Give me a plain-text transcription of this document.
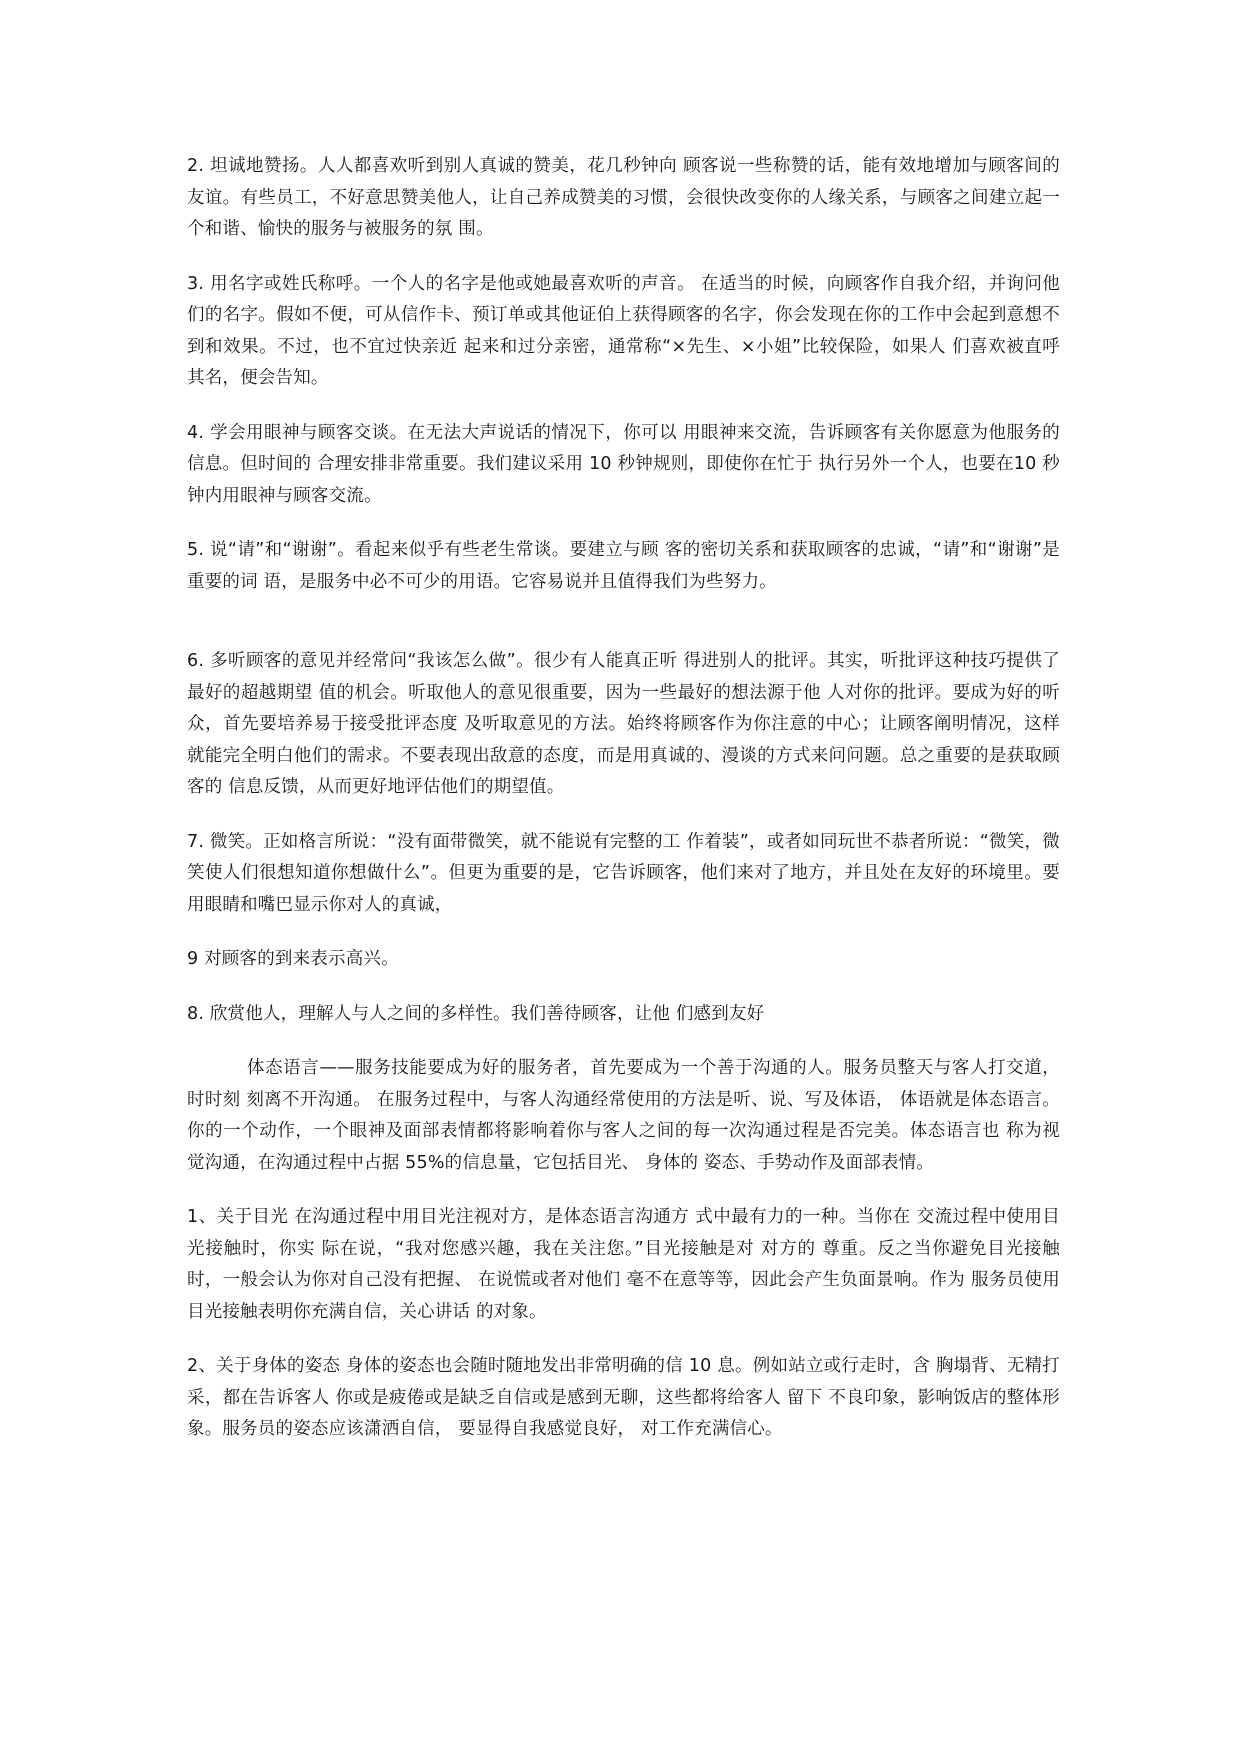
2. 坦诚地赞扬。人人都喜欢听到别人真诚的赞美，花几秒钟向 顾客说一些称赞的话，能有效地增加与顾客间的友谊。有些员工，不好意思赞美他人，让自己养成赞美的习惯，会很快改变你的人缘关系，与顾客之间建立起一个和谐、愉快的服务与被服务的氛 围。

3. 用名字或姓氏称呼。一个人的名字是他或她最喜欢听的声音。 在适当的时候，向顾客作自我介绍，并询问他们的名字。假如不便，可从信作卡、预订单或其他证伯上获得顾客的名字，你会发现在你的工作中会起到意想不到和效果。不过，也不宜过快亲近 起来和过分亲密，通常称“×先生、×小姐”比较保险，如果人 们喜欢被直呼其名，便会告知。

4. 学会用眼神与顾客交谈。在无法大声说话的情况下，你可以 用眼神来交流，告诉顾客有关你愿意为他服务的信息。但时间的 合理安排非常重要。我们建议采用 10 秒钟规则，即使你在忙于 执行另外一个人，也要在10 秒钟内用眼神与顾客交流。

5. 说“请”和“谢谢”。看起来似乎有些老生常谈。要建立与顾 客的密切关系和获取顾客的忠诚，“请”和“谢谢”是重要的词 语，是服务中必不可少的用语。它容易说并且值得我们为些努力。

6. 多听顾客的意见并经常问“我该怎么做”。很少有人能真正听 得进别人的批评。其实，听批评这种技巧提供了最好的超越期望 值的机会。听取他人的意见很重要，因为一些最好的想法源于他 人对你的批评。要成为好的听众，首先要培养易于接受批评态度 及听取意见的方法。始终将顾客作为你注意的中心；让顾客阐明情况，这样就能完全明白他们的需求。不要表现出敌意的态度，而是用真诚的、漫谈的方式来问问题。总之重要的是获取顾客的 信息反馈，从而更好地评估他们的期望值。

7. 微笑。正如格言所说：“没有面带微笑，就不能说有完整的工 作着装”，或者如同玩世不恭者所说：“微笑，微笑使人们很想知道你想做什么”。但更为重要的是，它告诉顾客，他们来对了地方，并且处在友好的环境里。要用眼睛和嘴巴显示你对人的真诚，

9 对顾客的到来表示高兴。

8. 欣赏他人，理解人与人之间的多样性。我们善待顾客，让他 们感到友好

体态语言——服务技能要成为好的服务者，首先要成为一个善于沟通的人。服务员整天与客人打交道，时时刻 刻离不开沟通。 在服务过程中，与客人沟通经常使用的方法是听、说、写及体语， 体语就是体态语言。你的一个动作，一个眼神及面部表情都将影响着你与客人之间的每一次沟通过程是否完美。体态语言也 称为视觉沟通，在沟通过程中占据 55%的信息量，它包括目光、 身体的 姿态、手势动作及面部表情。

1、关于目光 在沟通过程中用目光注视对方，是体态语言沟通方 式中最有力的一种。当你在 交流过程中使用目光接触时，你实 际在说，“我对您感兴趣，我在关注您。”目光接触是对 对方的 尊重。反之当你避免目光接触时，一般会认为你对自己没有把握、 在说慌或者对他们 毫不在意等等，因此会产生负面景响。作为 服务员使用目光接触表明你充满自信，关心讲话 的对象。

2、关于身体的姿态 身体的姿态也会随时随地发出非常明确的信 10 息。例如站立或行走时，含 胸塌背、无精打采，都在告诉客人 你或是疲倦或是缺乏自信或是感到无聊，这些都将给客人 留下 不良印象，影响饭店的整体形象。服务员的姿态应该潇洒自信， 要显得自我感觉良好， 对工作充满信心。
